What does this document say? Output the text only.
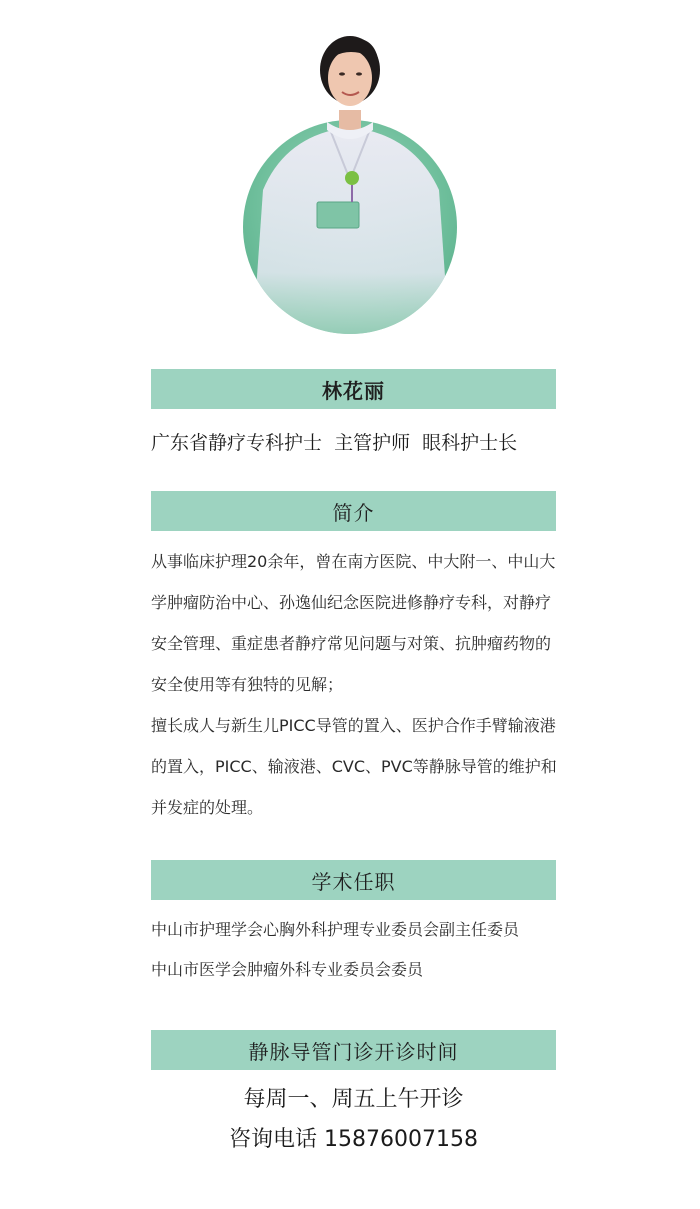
林花丽
广东省静疗专科护士  主管护师  眼科护士长
简介

从事临床护理20余年，曾在南方医院、中大附一、中山大学肿瘤防治中心、孙逸仙纪念医院进修静疗专科，对静疗安全管理、重症患者静疗常见问题与对策、抗肿瘤药物的安全使用等有独特的见解；

擅长成人与新生儿PICC导管的置入、医护合作手臂输液港的置入，PICC、输液港、CVC、PVC等静脉导管的维护和并发症的处理。

学术任职

中山市护理学会心胸外科护理专业委员会副主任委员

中山市医学会肿瘤外科专业委员会委员

静脉导管门诊开诊时间

每周一、周五上午开诊

咨询电话 15876007158
